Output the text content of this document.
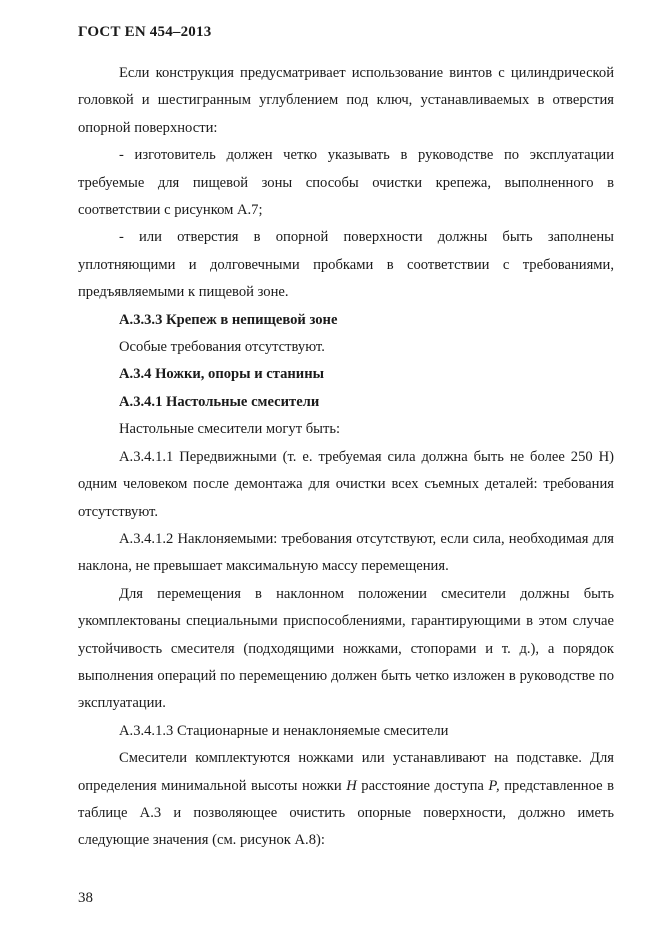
ГОСТ EN 454–2013

Если конструкция предусматривает использование винтов с цилиндрической головкой и шестигранным углублением под ключ, устанавливаемых в отверстия опорной поверхности:

- изготовитель должен четко указывать в руководстве по эксплуатации требуемые для пищевой зоны способы очистки крепежа, выполненного в соответствии с рисунком А.7;

- или отверстия в опорной поверхности должны быть заполнены уплотняющими и долговечными пробками в соответствии с требованиями, предъявляемыми к пищевой зоне.

А.3.3.3 Крепеж в непищевой зоне

Особые требования отсутствуют.

А.3.4 Ножки, опоры и станины

А.3.4.1 Настольные смесители

Настольные смесители могут быть:

А.3.4.1.1 Передвижными (т. е. требуемая сила должна быть не более 250 Н) одним человеком после демонтажа для очистки всех съемных деталей: требования отсутствуют.

А.3.4.1.2 Наклоняемыми: требования отсутствуют, если сила, необходимая для наклона, не превышает максимальную массу перемещения.

Для перемещения в наклонном положении смесители должны быть укомплектованы специальными приспособлениями, гарантирующими в этом случае устойчивость смесителя (подходящими ножками, стопорами и т. д.), а порядок выполнения операций по перемещению должен быть четко изложен в руководстве по эксплуатации.

А.3.4.1.3 Стационарные и ненаклоняемые смесители

Смесители комплектуются ножками или устанавливают на подставке. Для определения минимальной высоты ножки Н расстояние доступа Р, представленное в таблице А.3 и позволяющее очистить опорные поверхности, должно иметь следующие значения (см. рисунок А.8):

38
